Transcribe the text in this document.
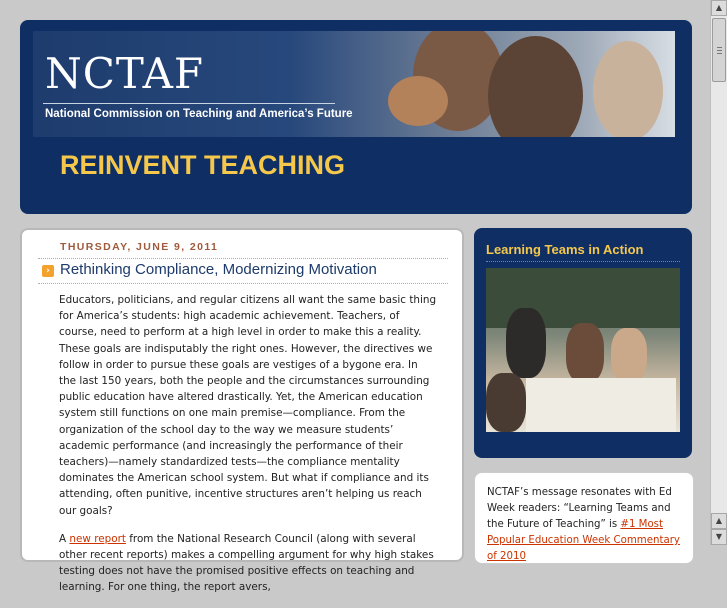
NCTAF
National Commission on Teaching and America’s Future
REINVENT TEACHING
THURSDAY, JUNE 9, 2011
› Rethinking Compliance, Modernizing Motivation

Educators, politicians, and regular citizens all want the same basic thing for America’s students: high academic achievement. Teachers, of course, need to perform at a high level in order to make this a reality. These goals are indisputably the right ones. However, the directives we follow in order to pursue these goals are vestiges of a bygone era. In the last 150 years, both the people and the circumstances surrounding public education have altered drastically. Yet, the American education system still functions on one main premise—compliance. From the organization of the school day to the way we measure students’ academic performance (and increasingly the performance of their teachers)—namely standardized tests—the compliance mentality dominates the American school system. But what if compliance and its attending, often punitive, incentive structures aren’t helping us reach our goals?

A new report from the National Research Council (along with several other recent reports) makes a compelling argument for why high stakes testing does not have the promised positive effects on teaching and learning. For one thing, the report avers,

Learning Teams in Action
NCTAF’s message resonates with Ed Week readers: “Learning Teams and the Future of Teaching” is #1 Most Popular Education Week Commentary of 2010
▲
▲
▼
